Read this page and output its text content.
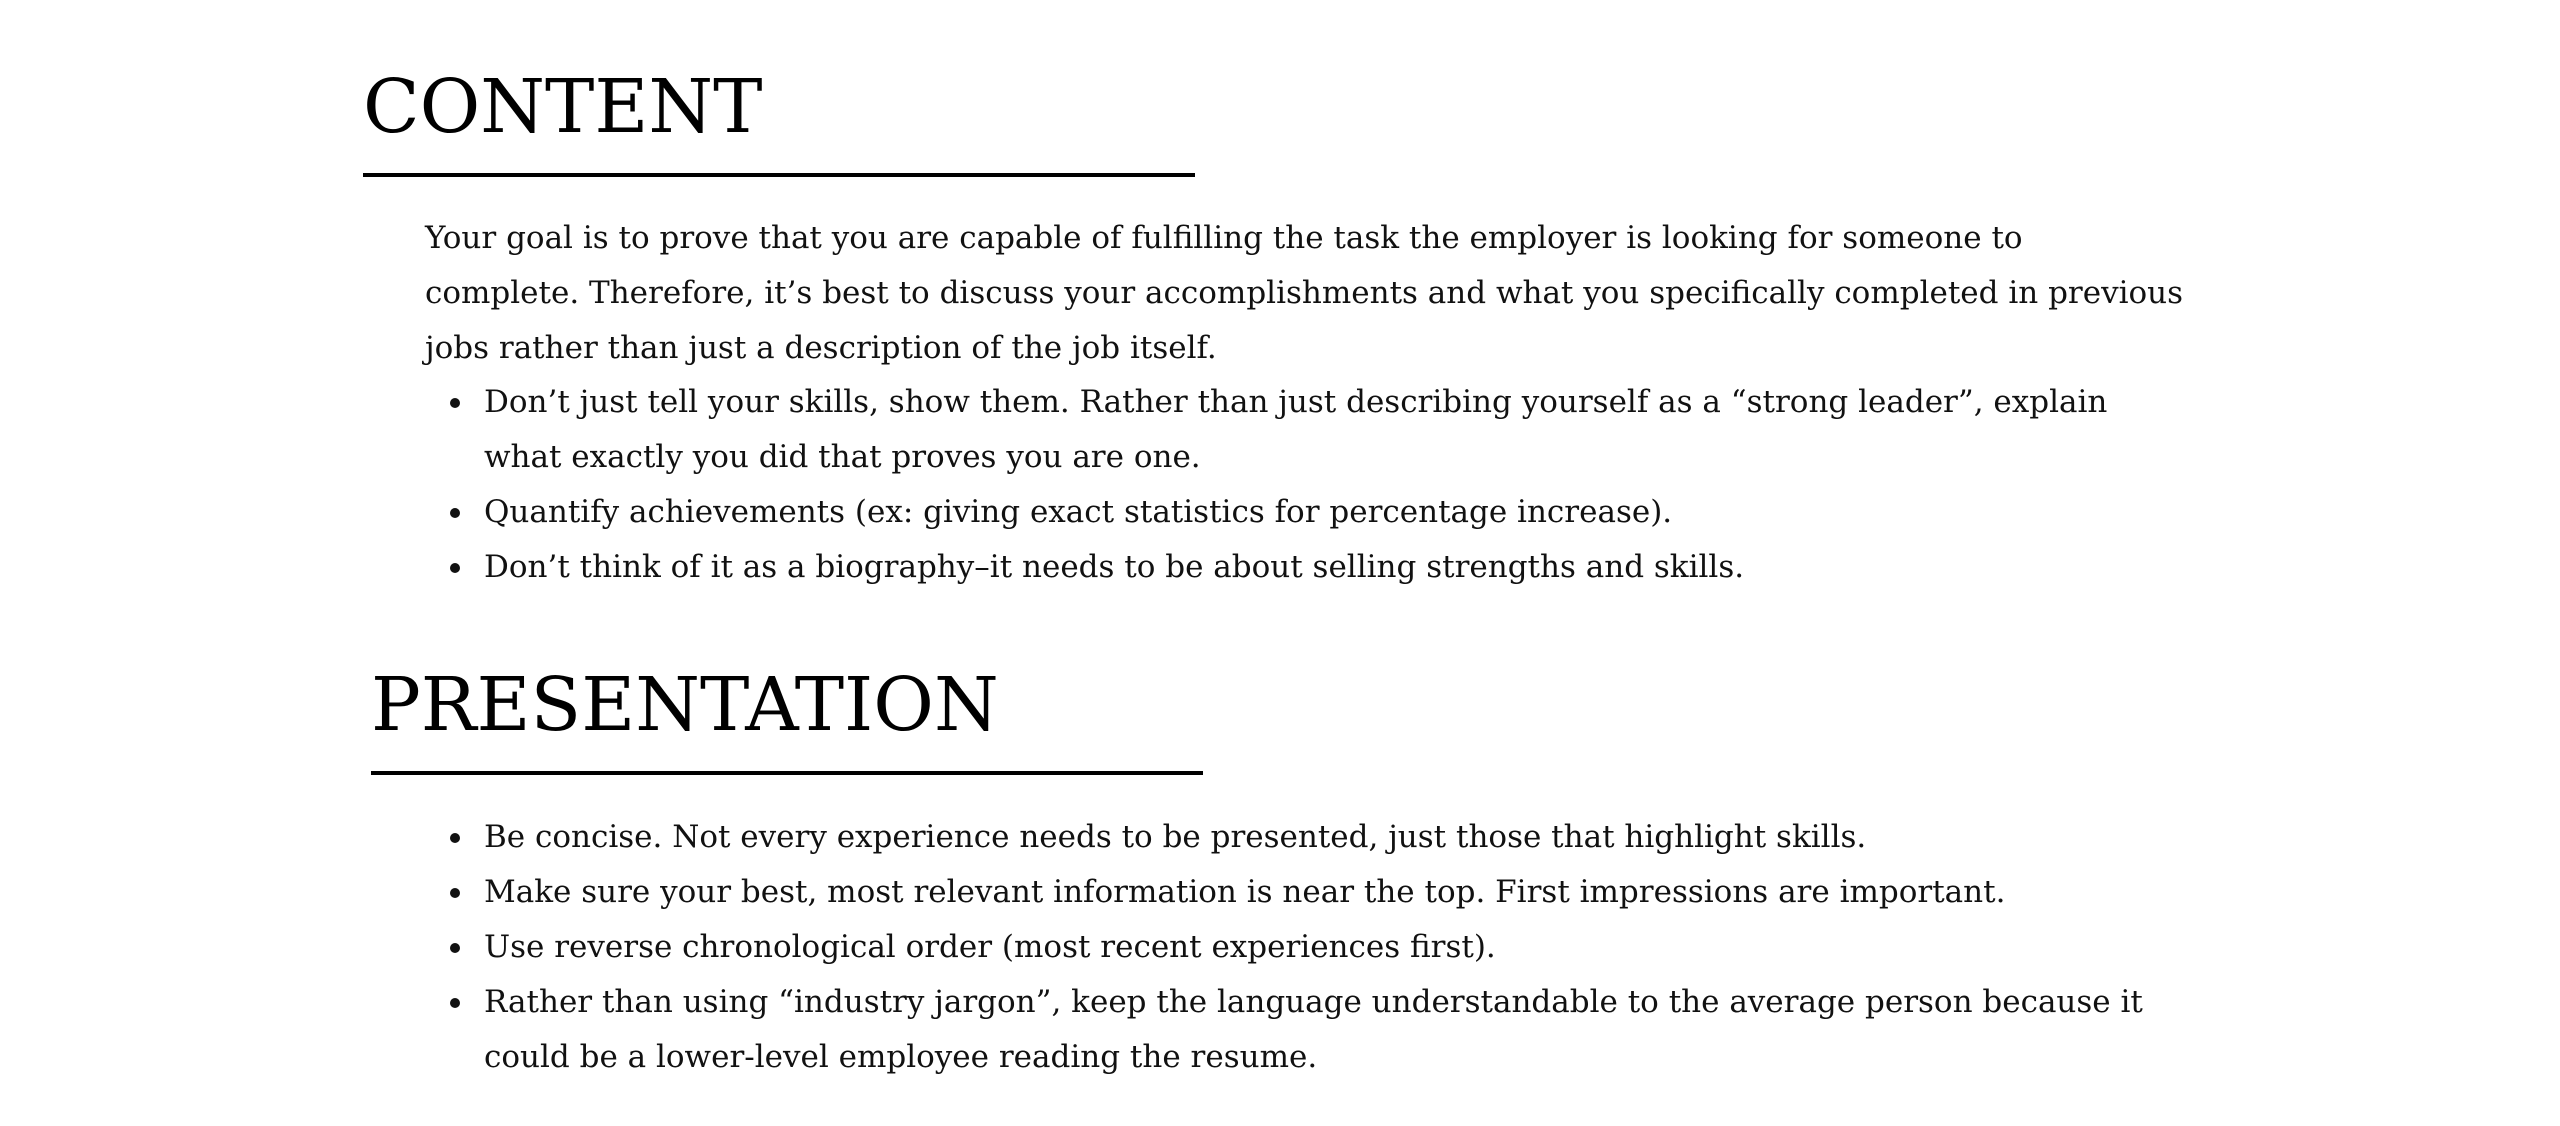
CONTENT

Your goal is to prove that you are capable of fulfilling the task the employer is looking for someone to complete. Therefore, it’s best to discuss your accomplishments and what you specifically completed in previous jobs rather than just a description of the job itself.

Don’t just tell your skills, show them. Rather than just describing yourself as a “strong leader”, explain what exactly you did that proves you are one.
Quantify achievements (ex: giving exact statistics for percentage increase).
Don’t think of it as a biography–it needs to be about selling strengths and skills.
PRESENTATION
Be concise. Not every experience needs to be presented, just those that highlight skills.
Make sure your best, most relevant information is near the top. First impressions are important.
Use reverse chronological order (most recent experiences first).
Rather than using “industry jargon”, keep the language understandable to the average person because it could be a lower-level employee reading the resume.
